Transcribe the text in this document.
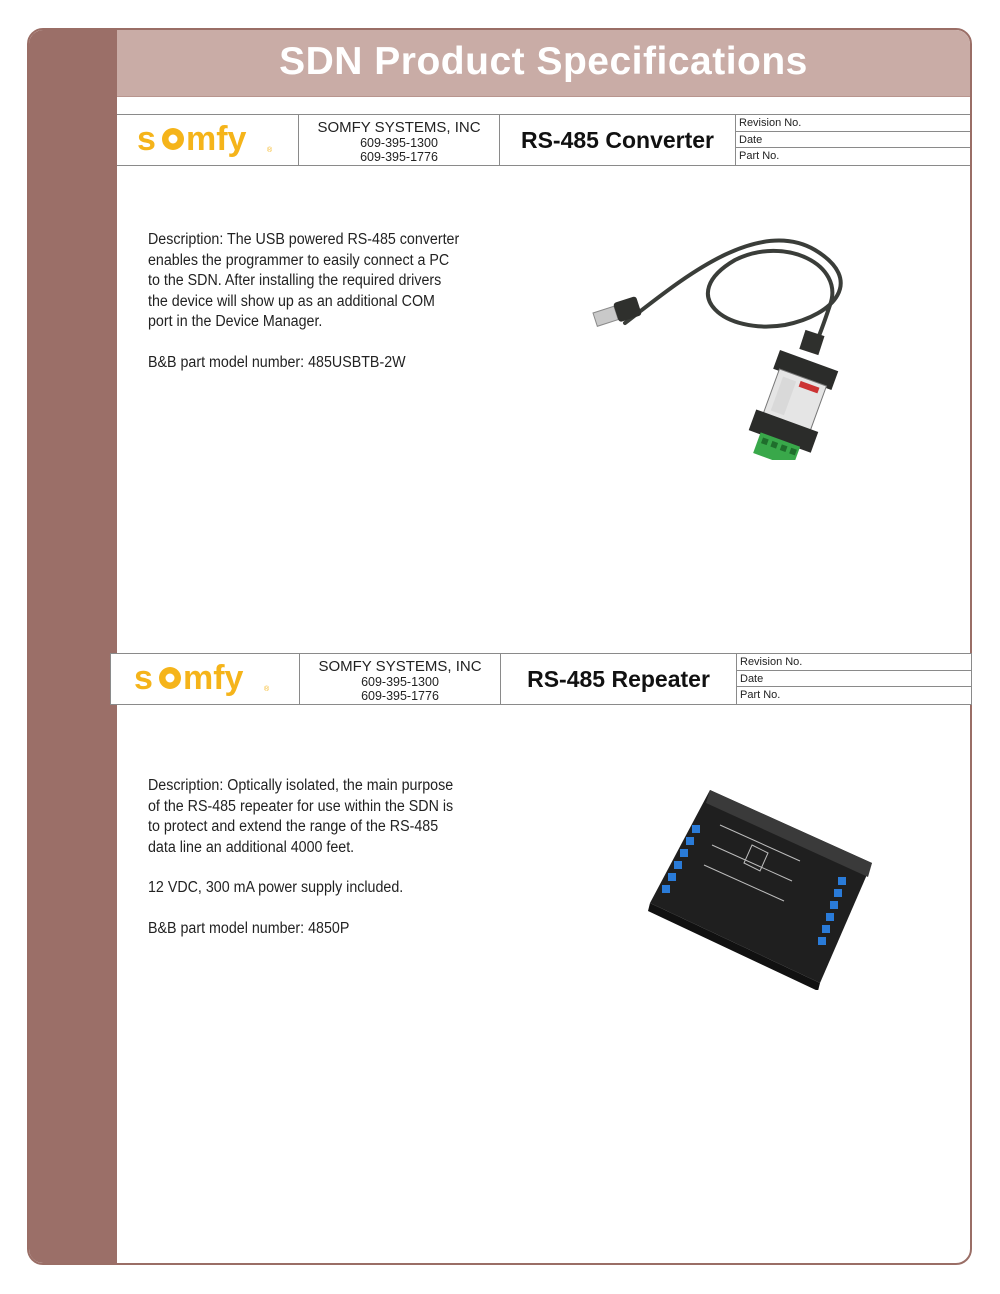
SDN Product Specifications
s mfy	®
SOMFY SYSTEMS, INC
609-395-1300
609-395-1776
RS-485 Converter
Revision No.
Date
Part No.

Description: The USB powered RS-485 converter enables the programmer to easily connect a PC to the SDN. After installing the required drivers the device will show up as an additional COM port in the Device Manager.

B&B part model number: 485USBTB-2W

s mfy	®
SOMFY SYSTEMS, INC
609-395-1300
609-395-1776
RS-485 Repeater
Revision No.
Date
Part No.

Description: Optically isolated, the main purpose of the RS-485 repeater for use within the SDN is to protect and extend the range of the RS-485 data line an additional 4000 feet.

12 VDC, 300 mA power supply included.

B&B part model number: 4850P
